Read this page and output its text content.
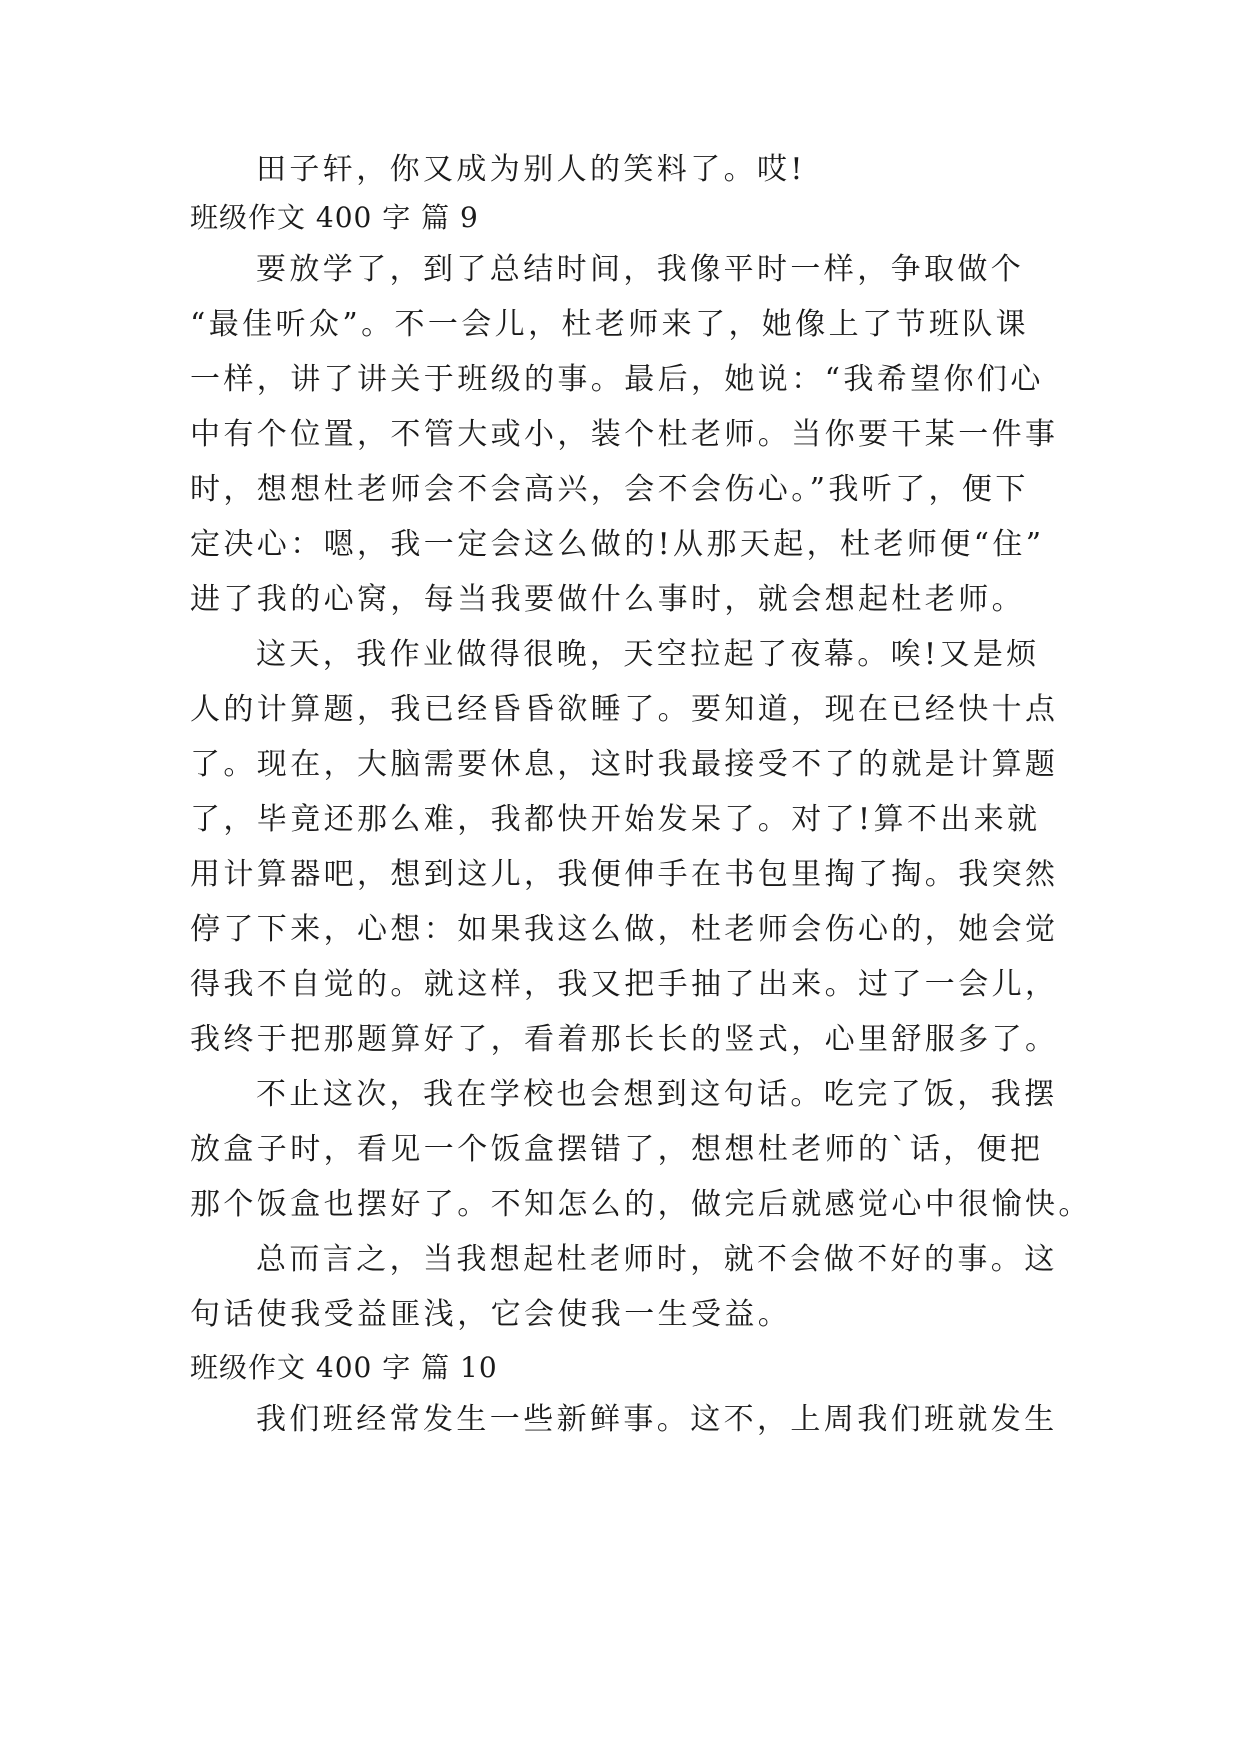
田子轩，你又成为别人的笑料了。哎!
班级作文 400 字 篇 9
要放学了，到了总结时间，我像平时一样，争取做个
“最佳听众”。不一会儿，杜老师来了，她像上了节班队课
一样，讲了讲关于班级的事。最后，她说：“我希望你们心
中有个位置，不管大或小，装个杜老师。当你要干某一件事
时，想想杜老师会不会高兴，会不会伤心。”我听了，便下
定决心：嗯，我一定会这么做的!从那天起，杜老师便“住”
进了我的心窝，每当我要做什么事时，就会想起杜老师。
这天，我作业做得很晚，天空拉起了夜幕。唉!又是烦
人的计算题，我已经昏昏欲睡了。要知道，现在已经快十点
了。现在，大脑需要休息，这时我最接受不了的就是计算题
了，毕竟还那么难，我都快开始发呆了。对了!算不出来就
用计算器吧，想到这儿，我便伸手在书包里掏了掏。我突然
停了下来，心想：如果我这么做，杜老师会伤心的，她会觉
得我不自觉的。就这样，我又把手抽了出来。过了一会儿，
我终于把那题算好了，看着那长长的竖式，心里舒服多了。
不止这次，我在学校也会想到这句话。吃完了饭，我摆
放盒子时，看见一个饭盒摆错了，想想杜老师的`话，便把
那个饭盒也摆好了。不知怎么的，做完后就感觉心中很愉快。
总而言之，当我想起杜老师时，就不会做不好的事。这
句话使我受益匪浅，它会使我一生受益。
班级作文 400 字 篇 10
我们班经常发生一些新鲜事。这不，上周我们班就发生
